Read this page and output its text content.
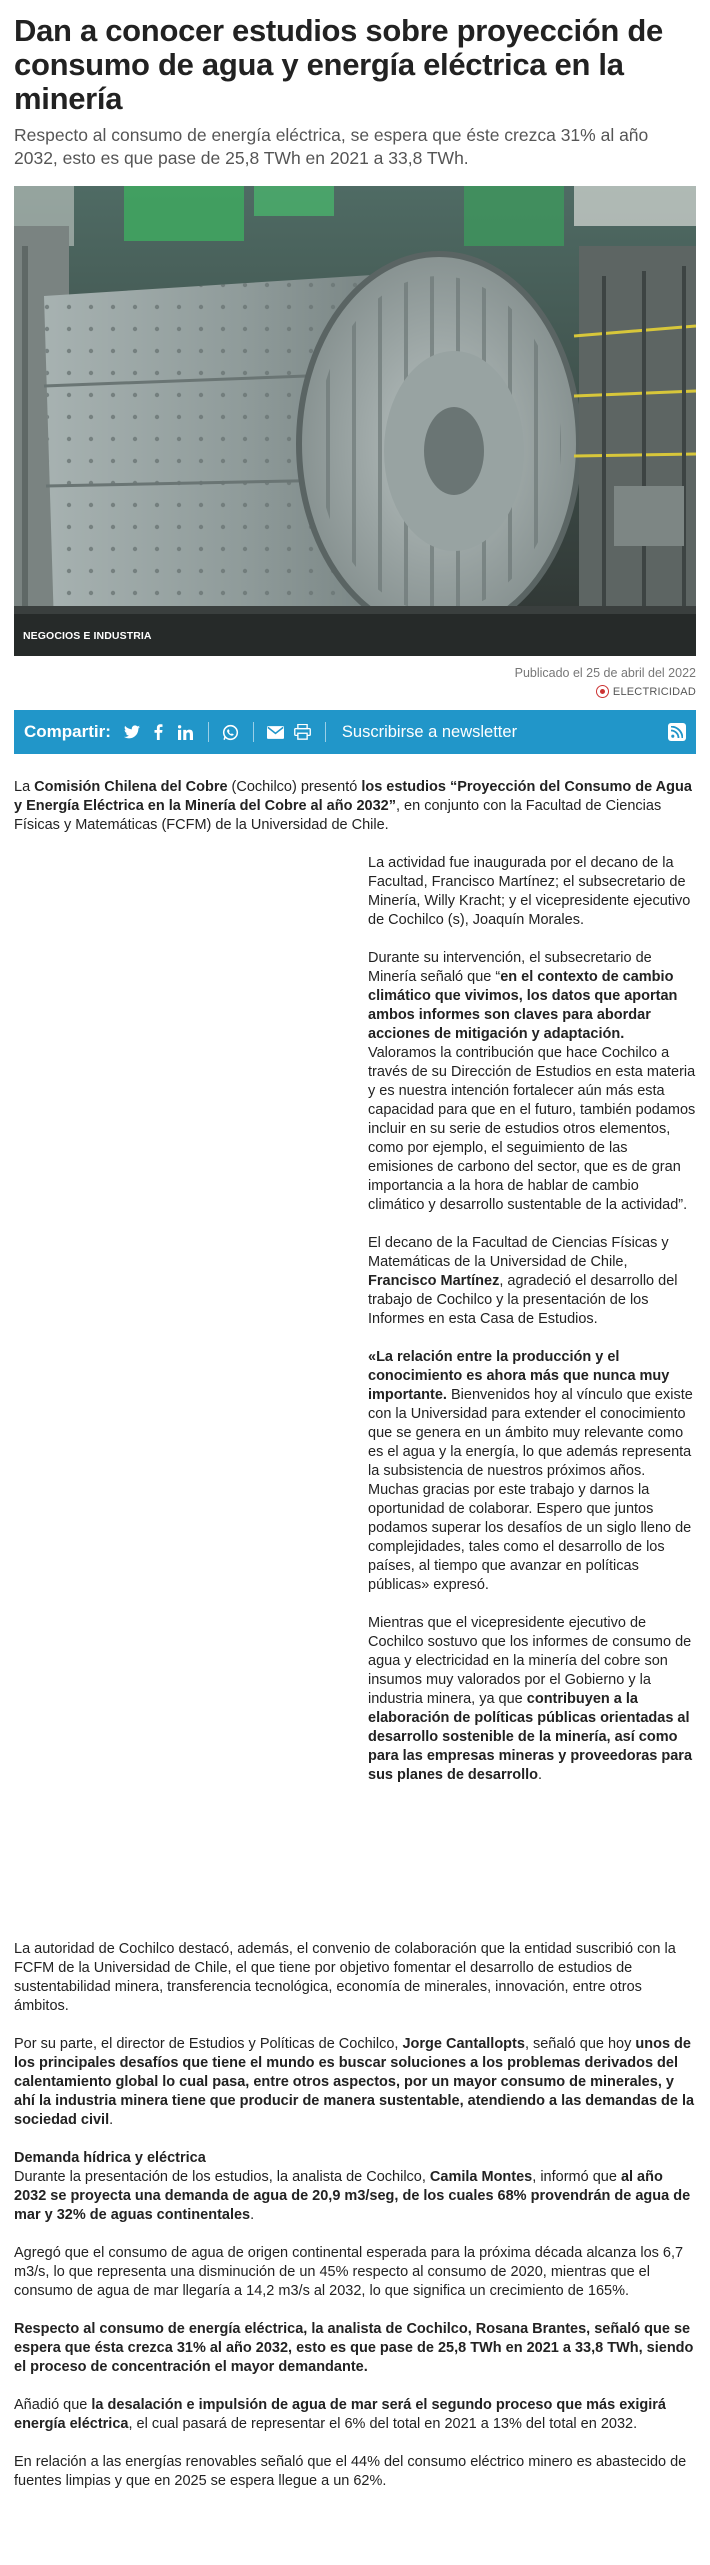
Dan a conocer estudios sobre proyección de consumo de agua y energía eléctrica en la minería

Respecto al consumo de energía eléctrica, se espera que éste crezca 31% al año 2032, esto es que pase de 25,8 TWh en 2021 a 33,8 TWh.

NEGOCIOS E INDUSTRIA
Publicado el 25 de abril del 2022
ELECTRICIDAD
Compartir:	Suscribirse a newsletter

La Comisión Chilena del Cobre (Cochilco) presentó los estudios “Proyección del Consumo de Agua y Energía Eléctrica en la Minería del Cobre al año 2032”, en conjunto con la Facultad de Ciencias Físicas y Matemáticas (FCFM) de la Universidad de Chile.

La actividad fue inaugurada por el decano de la Facultad, Francisco Martínez; el subsecretario de Minería, Willy Kracht; y el vicepresidente ejecutivo de Cochilco (s), Joaquín Morales.

Durante su intervención, el subsecretario de Minería señaló que “en el contexto de cambio climático que vivimos, los datos que aportan ambos informes son claves para abordar acciones de mitigación y adaptación. Valoramos la contribución que hace Cochilco a través de su Dirección de Estudios en esta materia y es nuestra intención fortalecer aún más esta capacidad para que en el futuro, también podamos incluir en su serie de estudios otros elementos, como por ejemplo, el seguimiento de las emisiones de carbono del sector, que es de gran importancia a la hora de hablar de cambio climático y desarrollo sustentable de la actividad”.

El decano de la Facultad de Ciencias Físicas y Matemáticas de la Universidad de Chile, Francisco Martínez, agradeció el desarrollo del trabajo de Cochilco y la presentación de los Informes en esta Casa de Estudios.

«La relación entre la producción y el conocimiento es ahora más que nunca muy importante. Bienvenidos hoy al vínculo que existe con la Universidad para extender el conocimiento que se genera en un ámbito muy relevante como es el agua y la energía, lo que además representa la subsistencia de nuestros próximos años. Muchas gracias por este trabajo y darnos la oportunidad de colaborar. Espero que juntos podamos superar los desafíos de un siglo lleno de complejidades, tales como el desarrollo de los países, al tiempo que avanzar en políticas públicas» expresó.

Mientras que el vicepresidente ejecutivo de Cochilco sostuvo que los informes de consumo de agua y electricidad en la minería del cobre son insumos muy valorados por el Gobierno y la industria minera, ya que contribuyen a la elaboración de políticas públicas orientadas al desarrollo sostenible de la minería, así como para las empresas mineras y proveedoras para sus planes de desarrollo.

La autoridad de Cochilco destacó, además, el convenio de colaboración que la entidad suscribió con la FCFM de la Universidad de Chile, el que tiene por objetivo fomentar el desarrollo de estudios de sustentabilidad minera, transferencia tecnológica, economía de minerales, innovación, entre otros ámbitos.

Por su parte, el director de Estudios y Políticas de Cochilco, Jorge Cantallopts, señaló que hoy unos de los principales desafíos que tiene el mundo es buscar soluciones a los problemas derivados del calentamiento global lo cual pasa, entre otros aspectos, por un mayor consumo de minerales, y ahí la industria minera tiene que producir de manera sustentable, atendiendo a las demandas de la sociedad civil.

Demanda hídrica y eléctrica
Durante la presentación de los estudios, la analista de Cochilco, Camila Montes, informó que al año 2032 se proyecta una demanda de agua de 20,9 m3/seg, de los cuales 68% provendrán de agua de mar y 32% de aguas continentales.

Agregó que el consumo de agua de origen continental esperada para la próxima década alcanza los 6,7 m3/s, lo que representa una disminución de un 45% respecto al consumo de 2020, mientras que el consumo de agua de mar llegaría a 14,2 m3/s al 2032, lo que significa un crecimiento de 165%.

Respecto al consumo de energía eléctrica, la analista de Cochilco, Rosana Brantes, señaló que se espera que ésta crezca 31% al año 2032, esto es que pase de 25,8 TWh en 2021 a 33,8 TWh, siendo el proceso de concentración el mayor demandante.

Añadió que la desalación e impulsión de agua de mar será el segundo proceso que más exigirá energía eléctrica, el cual pasará de representar el 6% del total en 2021 a 13% del total en 2032.

En relación a las energías renovables señaló que el 44% del consumo eléctrico minero es abastecido de fuentes limpias y que en 2025 se espera llegue a un 62%.
